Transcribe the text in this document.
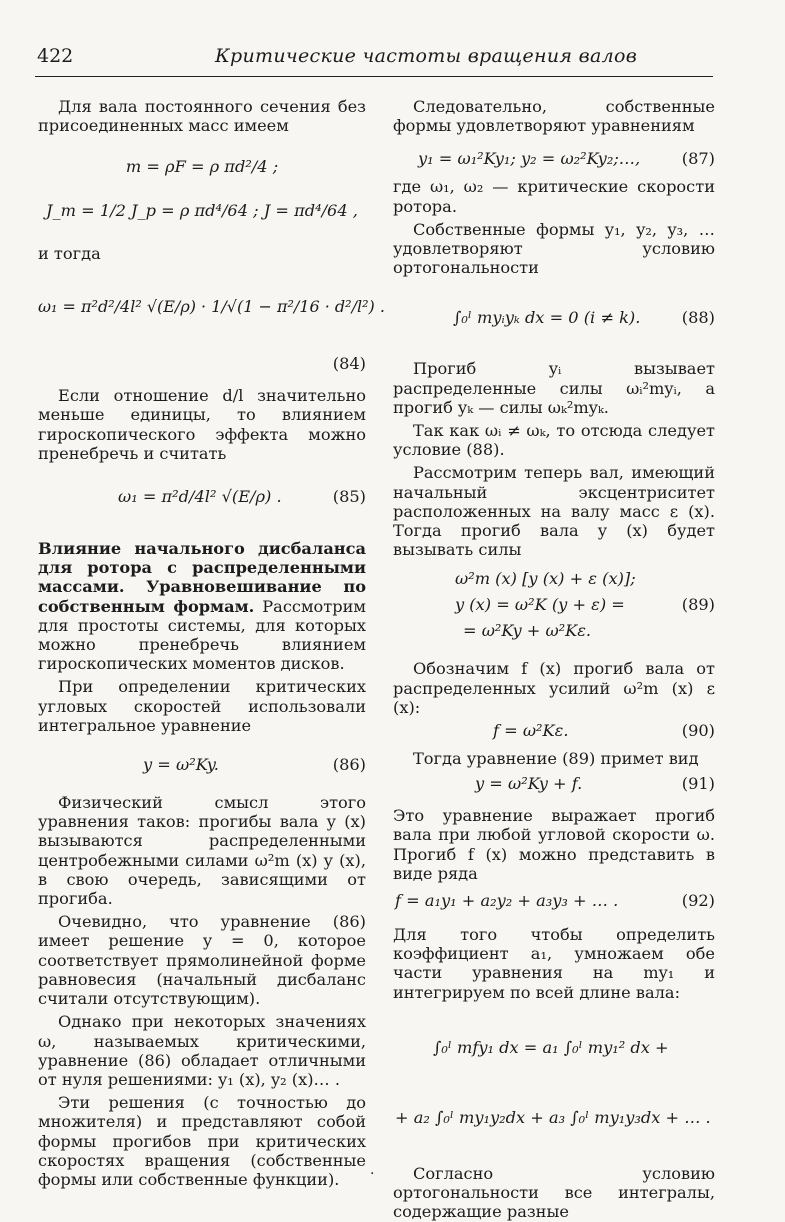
422	Критические частоты вращения валов

Для вала постоянного сечения без присоединенных масс имеем

m = ρF = ρ πd²/4 ;
J_m = 1/2 J_p = ρ πd⁴/64 ; J = πd⁴/64 ,

и тогда

ω₁ = π²d²/4l² √(E/ρ) · 1/√(1 − π²/16 · d²/l²) .
(84)

Если отношение d/l значительно меньше единицы, то влиянием гироскопического эффекта можно пренебречь и считать

ω₁ = π²d/4l² √(E/ρ) .	(85)

Влияние начального дисбаланса для ротора с распределенными массами. Уравновешивание по собственным формам. Рассмотрим для простоты системы, для которых можно пренебречь влиянием гироскопических моментов дисков.

При определении критических угловых скоростей использовали интегральное уравнение

y = ω²Ky.	(86)

Физический смысл этого уравнения таков: прогибы вала y (x) вызываются распределенными центробежными силами ω²m (x) y (x), в свою очередь, зависящими от прогиба.

Очевидно, что уравнение (86) имеет решение y = 0, которое соответствует прямолинейной форме равновесия (начальный дисбаланс считали отсутствующим).

Однако при некоторых значениях ω, называемых критическими, уравнение (86) обладает отличными от нуля решениями: y₁ (x), y₂ (x)… .

Эти решения (с точностью до множителя) и представляют собой формы прогибов при критических скоростях вращения (собственные формы или собственные функции).

Следовательно, собственные формы удовлетворяют уравнениям

y₁ = ω₁²Ky₁; y₂ = ω₂²Ky₂;…,	(87)

где ω₁, ω₂ — критические скорости ротора.

Собственные формы y₁, y₂, y₃, … удовлетворяют условию ортогональности

∫₀ˡ myᵢyₖ dx = 0 (i ≠ k).	(88)

Прогиб yᵢ вызывает распределенные силы ωᵢ²myᵢ, а прогиб yₖ — силы ωₖ²myₖ.

Так как ωᵢ ≠ ωₖ, то отсюда следует условие (88).

Рассмотрим теперь вал, имеющий начальный эксцентриситет расположенных на валу масс ε (x). Тогда прогиб вала y (x) будет вызывать силы

ω²m (x) [y (x) + ε (x)];
y (x) = ω²K (y + ε) =
= ω²Ky + ω²Kε.
(89)

Обозначим f (x) прогиб вала от распределенных усилий ω²m (x) ε (x):

f = ω²Kε.	(90)

Тогда уравнение (89) примет вид

y = ω²Ky + f.	(91)

Это уравнение выражает прогиб вала при любой угловой скорости ω. Прогиб f (x) можно представить в виде ряда

f = a₁y₁ + a₂y₂ + a₃y₃ + … .	(92)

Для того чтобы определить коэффициент a₁, умножаем обе части уравнения на my₁ и интегрируем по всей длине вала:

∫₀ˡ mfy₁ dx = a₁ ∫₀ˡ my₁² dx +
+ a₂ ∫₀ˡ my₁y₂dx + a₃ ∫₀ˡ my₁y₃dx + … .

Согласно условию ортогональности все интегралы, содержащие разные

·
